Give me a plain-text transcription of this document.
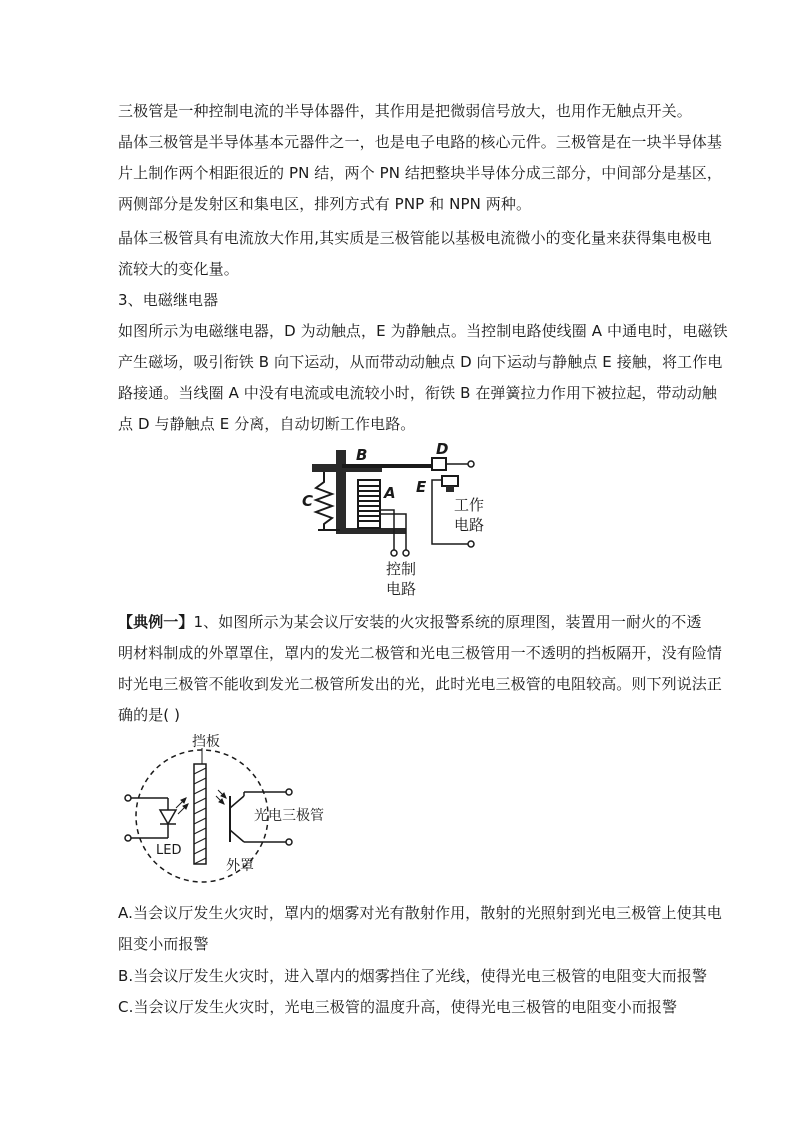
三极管是一种控制电流的半导体器件，其作用是把微弱信号放大，也用作无触点开关。
晶体三极管是半导体基本元器件之一，也是电子电路的核心元件。三极管是在一块半导体基
片上制作两个相距很近的 PN 结，两个 PN 结把整块半导体分成三部分，中间部分是基区，
两侧部分是发射区和集电区，排列方式有 PNP 和 NPN 两种。
晶体三极管具有电流放大作用,其实质是三极管能以基极电流微小的变化量来获得集电极电
流较大的变化量。
3、电磁继电器
如图所示为电磁继电器，D 为动触点，E 为静触点。当控制电路使线圈 A 中通电时，电磁铁
产生磁场，吸引衔铁 B 向下运动，从而带动动触点 D 向下运动与静触点 E 接触，将工作电
路接通。当线圈 A 中没有电流或电流较小时，衔铁 B 在弹簧拉力作用下被拉起，带动动触
点 D 与静触点 E 分离，自动切断工作电路。
B	D
C	A E
工作
电路
控制
电路
【典例一】1、如图所示为某会议厅安装的火灾报警系统的原理图，装置用一耐火的不透
明材料制成的外罩罩住，罩内的发光二极管和光电三极管用一不透明的挡板隔开，没有险情
时光电三极管不能收到发光二极管所发出的光，此时光电三极管的电阻较高。则下列说法正
确的是( )
挡板
光电三极管
LED
外罩
A.当会议厅发生火灾时，罩内的烟雾对光有散射作用，散射的光照射到光电三极管上使其电
阻变小而报警
B.当会议厅发生火灾时，进入罩内的烟雾挡住了光线，使得光电三极管的电阻变大而报警
C.当会议厅发生火灾时，光电三极管的温度升高，使得光电三极管的电阻变小而报警
